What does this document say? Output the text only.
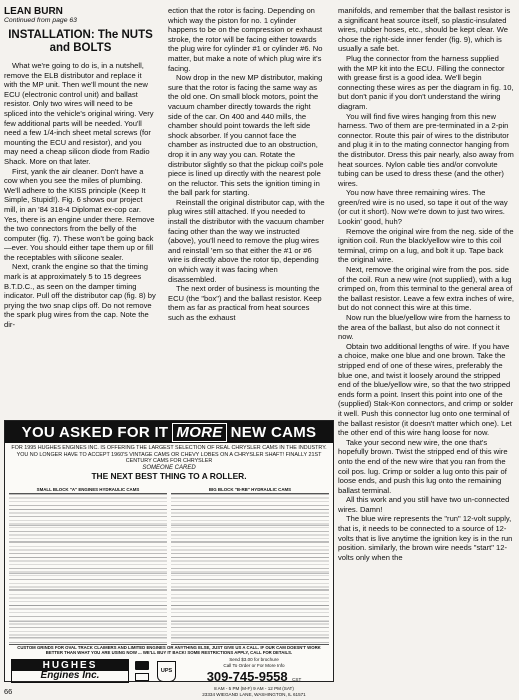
LEAN BURN
Continued from page 63
INSTALLATION: The NUTS and BOLTS

What we're going to do is, in a nutshell, remove the ELB distributor and replace it with the MP unit. Then we'll mount the new ECU (electronic control unit) and ballast resistor. Only two wires will need to be spliced into the vehicle's original wiring. Very few additional parts will be needed. You'll need a few 1/4-inch sheet metal screws (for mounting the ECU and resistor), and you may need a cheap silicon diode from Radio Shack. More on that later.

First, yank the air cleaner. Don't have a cow when you see the miles of plumbing. We'll adhere to the KISS principle (Keep It Simple, Stupid!). Fig. 6 shows our project mill, in an '84 318-4 Diplomat ex-cop car. Yes, there is an engine under there. Remove the two connectors from the belly of the computer (fig. 7). These won't be going back—ever. You should either tape them up or fill the receptables with silicone sealer.

Next, crank the engine so that the timing mark is at approximately 5 to 15 degrees B.T.D.C., as seen on the damper timing indicator. Pull off the distributor cap (fig. 8) by prying the two snap clips off. Do not remove the spark plug wires from the cap. Note the dir-

ection that the rotor is facing. Depending on which way the piston for no. 1 cylinder happens to be on the compression or exhaust stroke, the rotor will be facing either towards the plug wire for cylinder #1 or cylinder #6. No matter, but make a note of which plug wire it's facing.

Now drop in the new MP distributor, making sure that the rotor is facing the same way as the old one. On small block motors, point the vacuum chamber directly towards the right side of the car. On 400 and 440 mills, the chamber should point towards the left side shock absorber. If you cannot face the chamber as instructed due to an obstruction, drop it in any way you can. Rotate the distributor slightly so that the pickup coil's pole piece is lined up directly with the nearest pole on the reluctor. This sets the ignition timing in the ball park for starting.

Reinstall the original distributor cap, with the plug wires still attached. If you needed to install the distributor with the vacuum chamber facing other than the way we instructed (above), you'll need to remove the plug wires and reinstall 'em so that either the #1 or #6 wire is directly above the rotor tip, depending on which way it was facing when disassembled.

The next order of business is mounting the ECU (the "box") and the ballast resistor. Keep them as far as practical from heat sources such as the exhaust

manifolds, and remember that the ballast resistor is a significant heat source itself, so plastic-insulated wires, rubber hoses, etc., should be kept clear. We chose the right-side inner fender (fig. 9), which is usually a safe bet.

Plug the connector from the harness supplied with the MP kit into the ECU. Filling the connector with grease first is a good idea. We'll begin connecting these wires as per the diagram in fig. 10, but don't panic if you don't understand the wiring diagram.

You will find five wires hanging from this new harness. Two of them are pre-terminated in a 2-pin connector. Route this pair of wires to the distributor and plug it in to the mating connector hanging from the distributor. Dress this pair nearly, also away from heat sources. Nylon cable ties and/or convolute tubing can be used to dress these (and the other) wires.

You now have three remaining wires. The green/red wire is no used, so tape it out of the way (or cut it short). Now we're down to just two wires. Lookin' good, huh?

Remove the original wire from the neg. side of the ignition coil. Run the black/yellow wire to this coil terminal, crimp on a lug, and bolt it up. Tape back the original wire.

Next, remove the original wire from the pos. side of the coil. Run a new wire (not supplied), with a lug crimped on, from this terminal to the general area of the ballast resistor. Leave a few extra inches of wire, but do not connect this wire at this time.

Now run the blue/yellow wire from the harness to the area of the ballast, but also do not connect it now.

Obtain two additional lengths of wire. If you have a choice, make one blue and one brown. Take the stripped end of one of these wires, preferably the blue one, and twist it loosely around the stripped end of the blue/yellow wire, so that the two stripped ends form a point. Insert this point into one of the (supplied) Stak-Kon connectors, and crimp or solder it well. Push this connector lug onto one terminal of the ballast resistor (it doesn't matter which one). Let the other end of this wire hang loose for now.

Take your second new wire, the one that's hopefully brown. Twist the stripped end of this wire onto the end of the new wire that you ran from the coil pos. lug. Crimp or solder a lug onto this pair of loose ends, and push this lug onto the remaining ballast terminal.

All this work and you still have two un-connected wires. Damn!

The blue wire represents the "run" 12-volt supply, that is, it needs to be connected to a source of 12-volts that is live anytime the ignition key is in the run position. similarly, the brown wire needs "start" 12-volts only when the

YOU ASKED FOR IT MORE NEW CAMS
FOR 1995 HUGHES ENGINES INC. IS OFFERING THE LARGEST SELECTION OF REAL CHRYSLER CAMS IN THE INDUSTRY. YOU NO LONGER HAVE TO ACCEPT 1960'S VINTAGE CAMS OR CHEVY LOBES ON A CHRYSLER SHAFT! FINALLY 21ST CENTURY CAMS FOR CHRYSLER
SOMEONE CARED
THE NEXT BEST THING TO A ROLLER.
SMALL BLOCK "A" ENGINES HYDRAULIC CAMS	BIG BLOCK "B-RB" HYDRAULIC CAMS
CUSTOM GRINDS FOR OVAL TRACK CLAIMERS AND LIMITED ENGINES OR ANYTHING ELSE, JUST GIVE US A CALL. IF OUR CAM DOESN'T WORK BETTER THAN WHAT YOU ARE USING NOW ... WE'LL BUY IT BACK! SOME RESTRICTIONS APPLY, CALL FOR DETAILS.
HUGHES
Engines Inc.	UPS
Send $3.00 for brochure
Call To Order or For More Info
309-745-9558 CST
8 AM - 5 PM (M-F) 9 AM - 12 PM (SAT)
23334 WIEGAND LANE, WASHINGTON, IL 61571
66
